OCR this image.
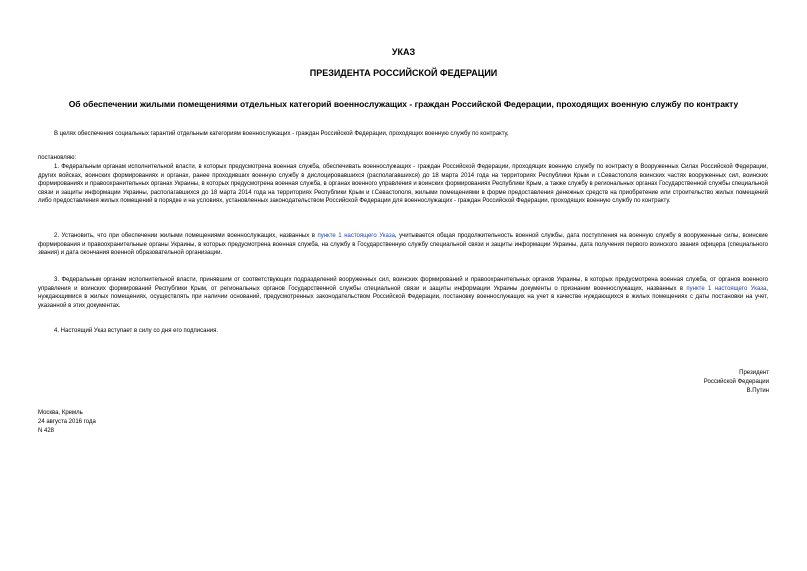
УКАЗ
ПРЕЗИДЕНТА РОССИЙСКОЙ ФЕДЕРАЦИИ
Об обеспечении жилыми помещениями отдельных категорий военнослужащих - граждан Российской Федерации, проходящих военную службу по контракту
В целях обеспечения социальных гарантий отдельным категориям военнослужащих - граждан Российской Федерации, проходящих военную службу по контракту,
постановляю:
1. Федеральным органам исполнительной власти, в которых предусмотрена военная служба, обеспечивать военнослужащих - граждан Российской Федерации, проходящих военную службу по контракту в Вооруженных Силах Российской Федерации, других войсках, воинских формированиях и органах, ранее проходивших военную службу в дислоцировавшихся (располагавшихся) до 18 марта 2014 года на территориях Республики Крым и г.Севастополя воинских частях вооруженных сил, воинских формированиях и правоохранительных органах Украины, в которых предусмотрена военная служба, в органах военного управления и воинских формированиях Республики Крым, а также службу в региональных органах Государственной службы специальной связи и защиты информации Украины, располагавшихся до 18 марта 2014 года на территориях Республики Крым и г.Севастополя, жилыми помещениями в форме предоставления денежных средств на приобретение или строительство жилых помещений либо предоставления жилых помещений в порядке и на условиях, установленных законодательством Российской Федерации для военнослужащих - граждан Российской Федерации, проходящих военную службу по контракту.
2. Установить, что при обеспечении жилыми помещениями военнослужащих, названных в пункте 1 настоящего Указа, учитывается общая продолжительность военной службы, дата поступления на военную службу в вооруженные силы, воинские формирования и правоохранительные органы Украины, в которых предусмотрена военная служба, на службу в Государственную службу специальной связи и защиты информации Украины, дата получения первого воинского звания офицера (специального звания) и дата окончания военной образовательной организации.
3. Федеральным органам исполнительной власти, принявшим от соответствующих подразделений вооруженных сил, воинских формирований и правоохранительных органов Украины, в которых предусмотрена военная служба, от органов военного управления и воинских формирований Республики Крым, от региональных органов Государственной службы специальной связи и защиты информации Украины документы о признании военнослужащих, названных в пункте 1 настоящего Указа, нуждающимися в жилых помещениях, осуществлять при наличии оснований, предусмотренных законодательством Российской Федерации, постановку военнослужащих на учет в качестве нуждающихся в жилых помещениях с даты постановки на учет, указанной в этих документах.
4. Настоящий Указ вступает в силу со дня его подписания.
Президент
Российской Федерации
В.Путин
Москва, Кремль
24 августа 2016 года
N 428
